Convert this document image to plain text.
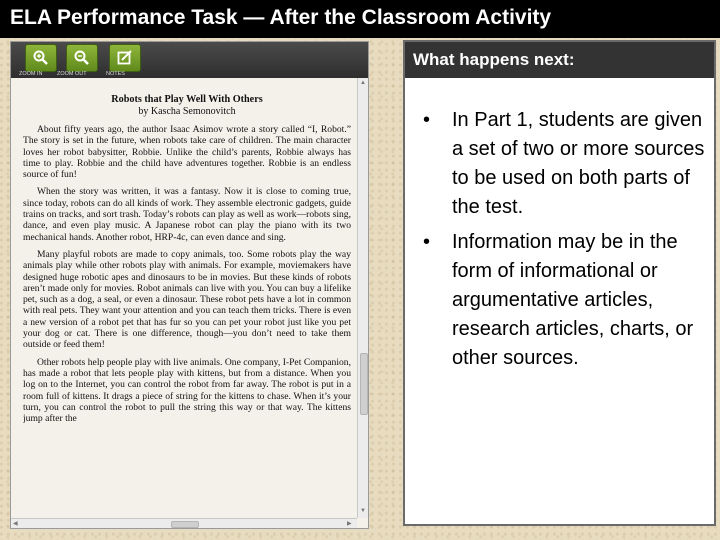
ELA Performance Task — After the Classroom Activity
ZOOM IN	ZOOM OUT	NOTES
Robots that Play Well With Others
by Kascha Semonovitch

About fifty years ago, the author Isaac Asimov wrote a story called “I, Robot.” The story is set in the future, when robots take care of children. The main character loves her robot babysitter, Robbie. Unlike the child’s parents, Robbie always has time to play. Robbie and the child have adventures together. Robbie is an endless source of fun!

When the story was written, it was a fantasy. Now it is close to coming true, since today, robots can do all kinds of work. They assemble electronic gadgets, guide trains on tracks, and sort trash. Today’s robots can play as well as work—robots sing, dance, and even play music. A Japanese robot can play the piano with its two mechanical hands. Another robot, HRP-4c, can even dance and sing.

Many playful robots are made to copy animals, too. Some robots play the way animals play while other robots play with animals. For example, moviemakers have designed huge robotic apes and dinosaurs to be in movies. But these kinds of robots aren’t made only for movies. Robot animals can live with you. You can buy a lifelike pet, such as a dog, a seal, or even a dinosaur. These robot pets have a lot in common with real pets. They want your attention and you can teach them tricks. There is even a new version of a robot pet that has fur so you can pet your robot just like you pet your dog or cat. There is one difference, though—you don’t need to take them outside or feed them!

Other robots help people play with live animals. One company, I-Pet Companion, has made a robot that lets people play with kittens, but from a distance. When you log on to the Internet, you can control the robot from far away. The robot is put in a room full of kittens. It drags a piece of string for the kittens to chase. When it’s your turn, you can control the robot to pull the string this way or that way. The kittens jump after the

▲
▼
◀	▶
What happens next:
• In Part 1, students are given a set of two or more sources to be used on both parts of the test.
• Information may be in the form of informational or argumentative articles, research articles, charts, or other sources.
